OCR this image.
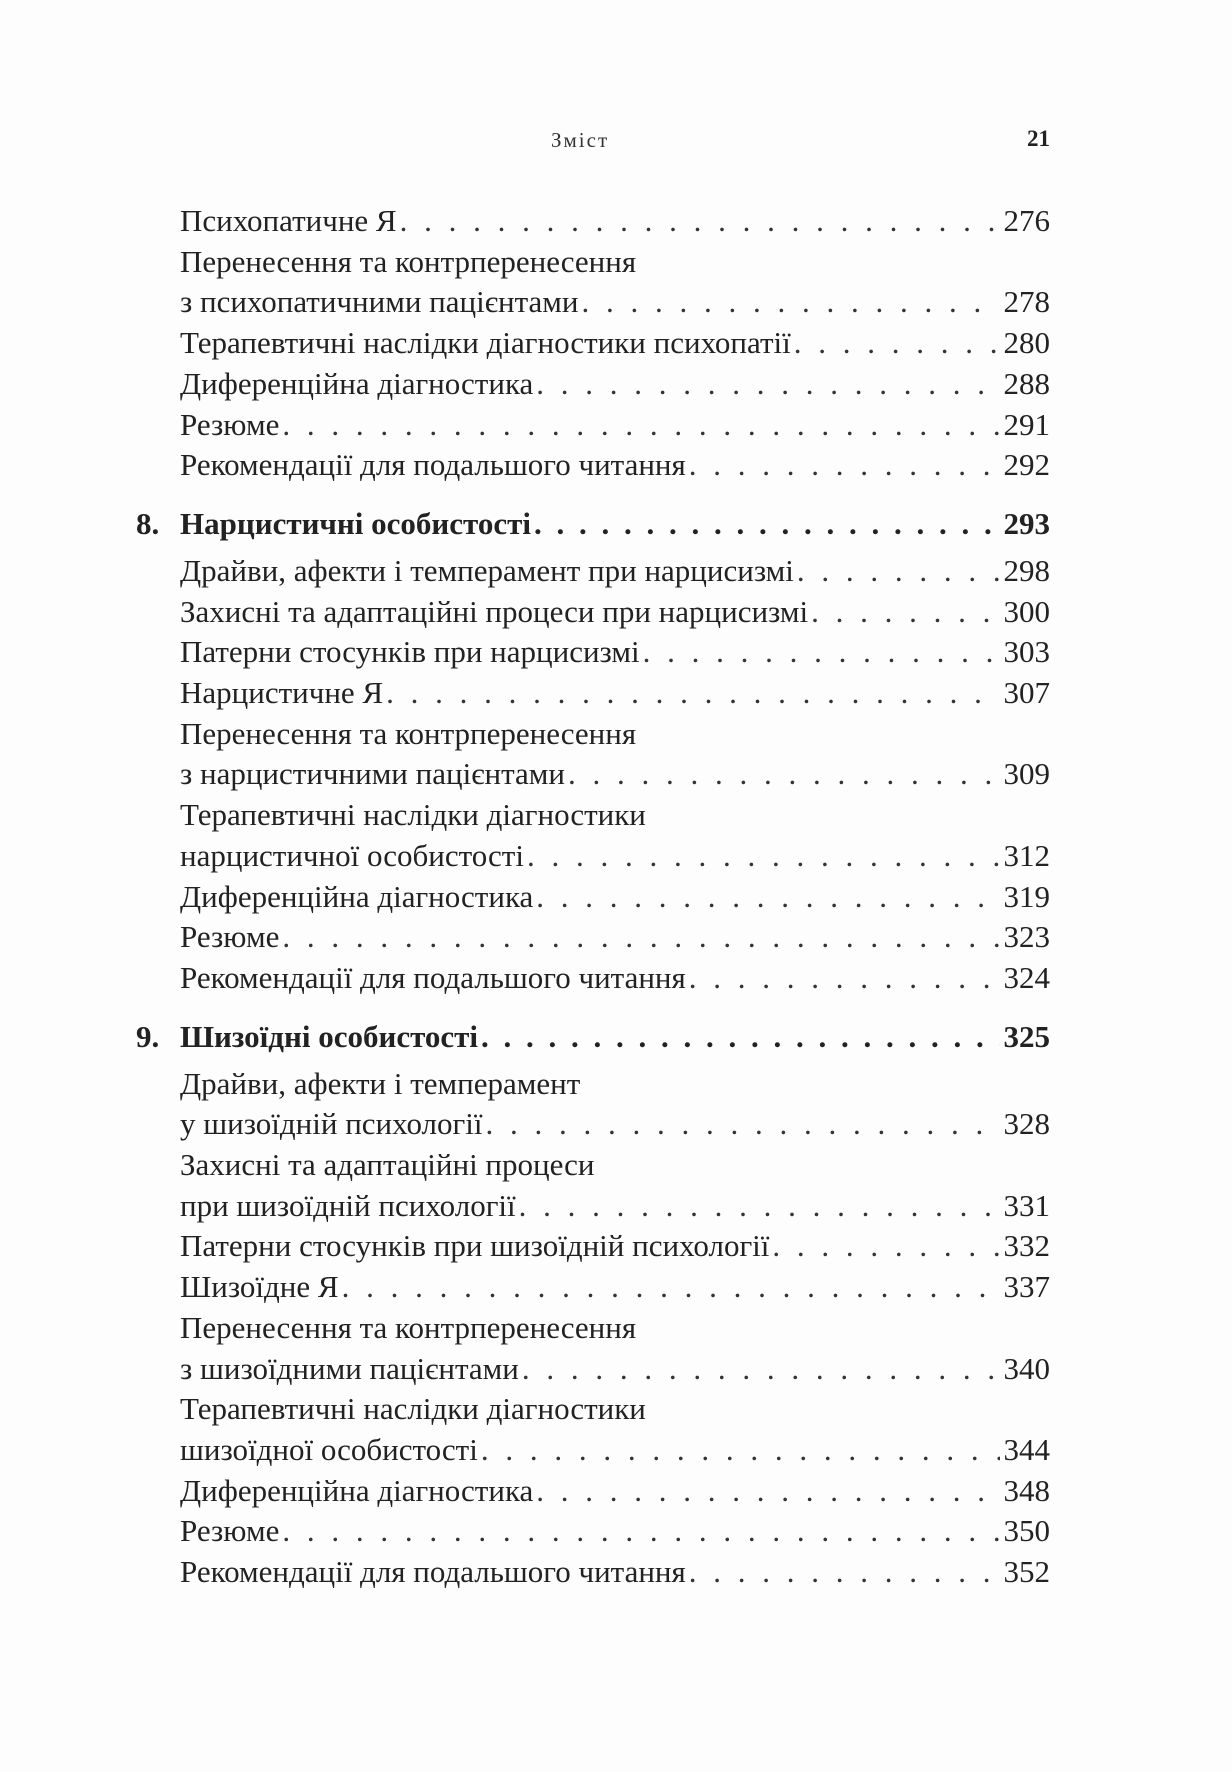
Зміст	21
Психопатичне Я . . .	276
Перенесення та контрперенесення
з психопатичними пацієнтами . . .	278
Терапевтичні наслідки діагностики психопатії . . .	280
Диференційна діагностика . . .	288
Резюме . . .	291
Рекомендації для подальшого читання . . .	292
8. Нарцистичні особистості . . .	293
Драйви, афекти і темперамент при нарцисизмі . . .	298
Захисні та адаптаційні процеси при нарцисизмі . . .	300
Патерни стосунків при нарцисизмі . . .	303
Нарцистичне Я . . .	307
Перенесення та контрперенесення
з нарцистичними пацієнтами . . .	309
Терапевтичні наслідки діагностики
нарцистичної особистості . . .	312
Диференційна діагностика . . .	319
Резюме . . .	323
Рекомендації для подальшого читання . . .	324
9. Шизоїдні особистості . . .	325
Драйви, афекти і темперамент
у шизоїдній психології . . .	328
Захисні та адаптаційні процеси
при шизоїдній психології . . .	331
Патерни стосунків при шизоїдній психології . . .	332
Шизоїдне Я . . .	337
Перенесення та контрперенесення
з шизоїдними пацієнтами . . .	340
Терапевтичні наслідки діагностики
шизоїдної особистості . . .	344
Диференційна діагностика . . .	348
Резюме . . .	350
Рекомендації для подальшого читання . . .	352
